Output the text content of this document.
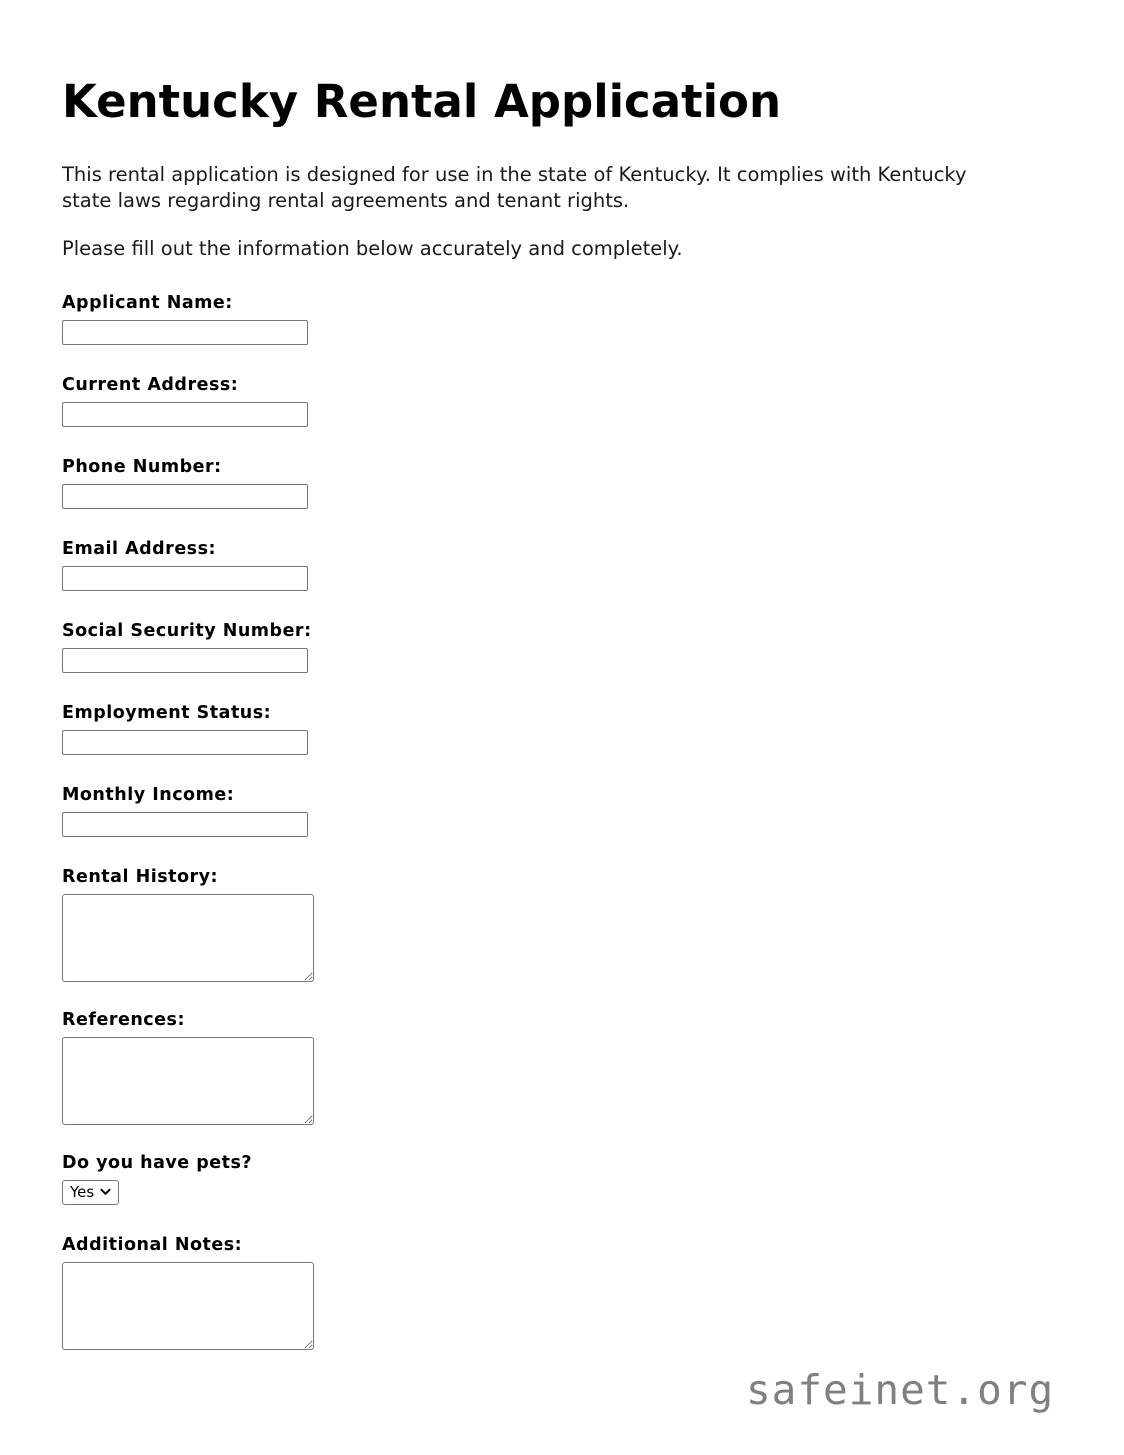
Kentucky Rental Application

This rental application is designed for use in the state of Kentucky. It complies with Kentucky state laws regarding rental agreements and tenant rights.

Please fill out the information below accurately and completely.

Applicant Name:
Current Address:
Phone Number:
Email Address:
Social Security Number:
Employment Status:
Monthly Income:
Rental History:
References:
Do you have pets?
Yes
Additional Notes:
safeinet.org
